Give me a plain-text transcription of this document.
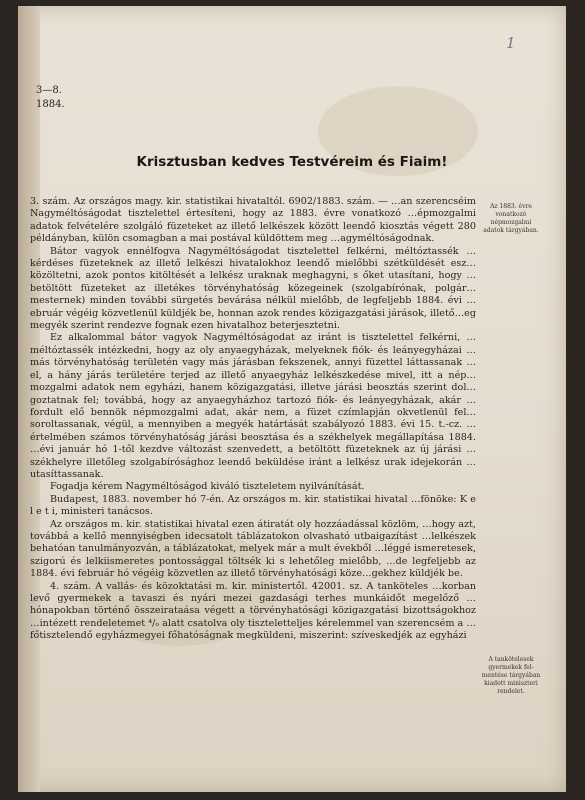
1
3—8.
1884.
Krisztusban kedves Testvéreim és Fiaim!
Az 1883. évre vonatkozó népmozgalmi adatok tárgyában.
A tankötelesek gyermekek felmentése tárgyában kiadott miniszteri rendelet.

3. szám. Az országos magy. kir. statistikai hivataltól. 6902/1883. szám. — …an szerencséim Nagyméltóságodat tisztelettel értesíteni, hogy az 1883. évre vonatkozó …épmozgalmi adatok felvételére szolgáló füzeteket az illető lelkészek között leendő kiosztás végett 280 példányban, külön csomagban a mai postával küldöttem meg …agyméltóságodnak.

Bátor vagyok ennélfogva Nagyméltóságodat tisztelettel felkérni, méltóztassék …kérdéses füzeteknek az illető lelkészi hivatalokhoz leendő mielőbbi szétküldését esz…közöltetni, azok pontos kitöltését a lelkész uraknak meghagyni, s őket utasítani, hogy …betöltött füzeteket az illetékes törvényhatóság közegeinek (szolgabírónak, polgár…mesternek) minden további sürgetés bevárása nélkül mielőbb, de legfeljebb 1884. évi …ebruár végéig közvetlenül küldjék be, honnan azok rendes közigazgatási járások, illető…eg megyék szerint rendezve fognak ezen hivatalhoz beterjesztetni.

Ez alkalommal bátor vagyok Nagyméltóságodat az iránt is tisztelettel felkérni, …méltóztassék intézkedni, hogy az oly anyaegyházak, melyeknek fiók- és leányegyházai …más törvényhatóság területén vagy más járásban fekszenek, annyi füzettel láttassanak …el, a hány járás területére terjed az illető anyaegyház lelkészkedése mivel, itt a nép…mozgalmi adatok nem egyházi, hanem közigazgatási, illetve járási beosztás szerint dol…goztatnak fel; továbbá, hogy az anyaegyházhoz tartozó fiók- és leányegyházak, akár …fordult elő bennök népmozgalmi adat, akár nem, a füzet czímlapján okvetlenül fel…soroltassanak, végül, a mennyiben a megyék határtását szabályozó 1883. évi 15. t.-cz. …értelmében számos törvényhatóság járási beosztása és a székhelyek megállapítása 1884. …évi január hó 1-től kezdve változást szenvedett, a betöltött füzeteknek az új járási …székhelyre illetőleg szolgabírósághoz leendő beküldése iránt a lelkész urak idejekorán …utasíttassanak.

Fogadja kérem Nagyméltóságod kiváló tiszteletem nyilvánítását.

Budapest, 1883. november hó 7-én. Az országos m. kir. statistikai hivatal …fönöke: K e l e t i, ministeri tanácsos.

Az országos m. kir. statistikai hivatal ezen átiratát oly hozzáadással közlöm, …hogy azt, továbbá a kellő mennyiségben idecsatolt táblázatokon olvasható utbaigazítást …lelkészek behatóan tanulmányozván, a táblázatokat, melyek már a mult évekből …léggé ismeretesek, szigorú és lelkiismeretes pontossággal töltsék ki s lehetőleg mielőbb, …de legfeljebb az 1884. évi február hó végéig közvetlen az illető törvényhatósági köze…gekhez küldjék be.

4. szám. A vallás- és közoktatási m. kir. ministertől. 42001. sz. A tanköteles …korban levő gyermekek a tavaszi és nyári mezei gazdasági terhes munkáidőt megelőző …hónapokban történő összeirataása végett a törvényhatósági közigazgatási bizottságokhoz …intézett rendeletemet ⁴/ₒ alatt csatolva oly tiszteletteljes kérelemmel van szerencsém a …főtisztelendő egyházmegyei főhatóságnak megküldeni, miszerint: szíveskedjék az egyházi
